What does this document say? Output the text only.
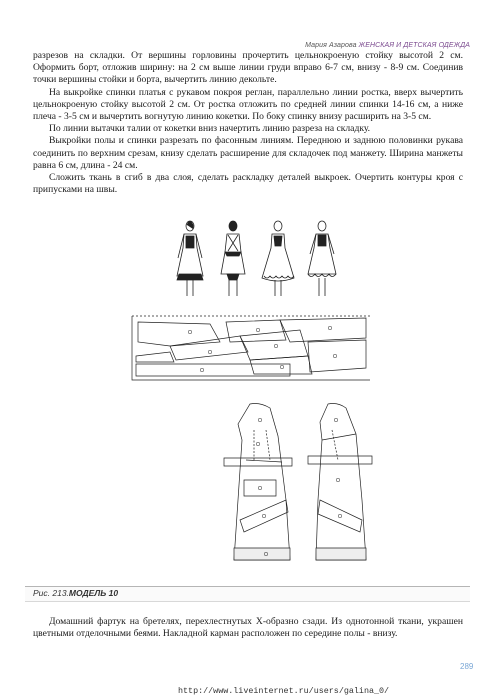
Мария Азарова ЖЕНСКАЯ И ДЕТСКАЯ ОДЕЖДА

разрезов на складки. От вершины горловины прочертить цельнокроеную стойку высотой 2 см. Оформить борт, отложив ширину: на 2 см выше линии груди вправо 6-7 см, внизу - 8-9 см. Соединив точки вершины стойки и борта, вычертить линию декольте.

На выкройке спинки платья с рукавом покроя реглан, параллельно линии ростка, вверх вычертить цельнокроеную стойку высотой 2 см. От ростка отложить по средней линии спинки 14-16 см, а ниже плеча - 3-5 см и вычертить вогнутую линию кокетки. По боку спинку внизу расширить на 3-5 см.

По линии вытачки талии от кокетки вниз начертить линию разреза на складку.

Выкройки полы и спинки разрезать по фасонным линиям. Переднюю и заднюю половинки рукава соединить по верхним срезам, книзу сделать расширение для складочек под манжету. Ширина манжеты равна 6 см, длина - 24 см.

Сложить ткань в сгиб в два слоя, сделать раскладку деталей выкроек. Очертить контуры кроя с припусками на швы.

Рис. 213.МОДЕЛЬ 10

Домашний фартук на бретелях, перехлестнутых Х-образно сзади. Из однотонной ткани, украшен цветными отделочными беями. Накладной карман расположен по середине полы - внизу.

289
http://www.liveinternet.ru/users/galina_0/
